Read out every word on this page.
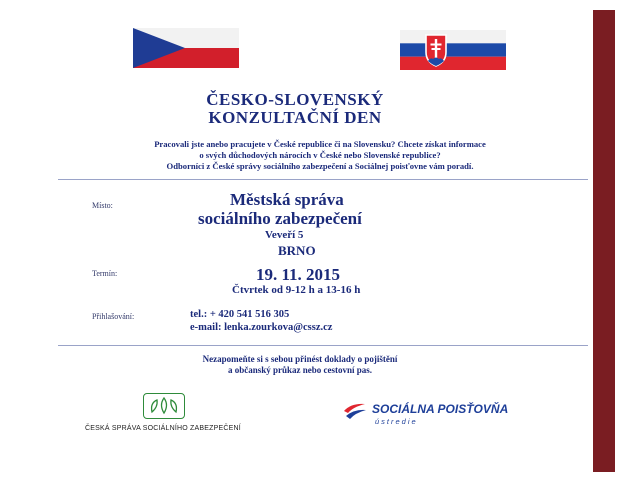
ČESKO-SLOVENSKÝ
KONZULTAČNÍ DEN
Pracovali jste anebo pracujete v České republice či na Slovensku? Chcete získat informace
o svých důchodových nárocích v České nebo Slovenské republice?
Odborníci z České správy sociálního zabezpečení a Sociálnej poisťovne vám poradí.
Místo:	Městská správa
sociálního zabezpečení
Veveří 5
BRNO
Termín:	19. 11. 2015
Čtvrtek od 9-12 h a 13-16 h
Přihlašování:	tel.: + 420 541 516 305
e-mail: lenka.zourkova@cssz.cz
Nezapomeňte si s sebou přinést doklady o pojištění
a občanský průkaz nebo cestovní pas.
ČESKÁ SPRÁVA SOCIÁLNÍHO ZABEZPEČENÍ
SOCIÁLNA POISŤOVŇA
ústredie
